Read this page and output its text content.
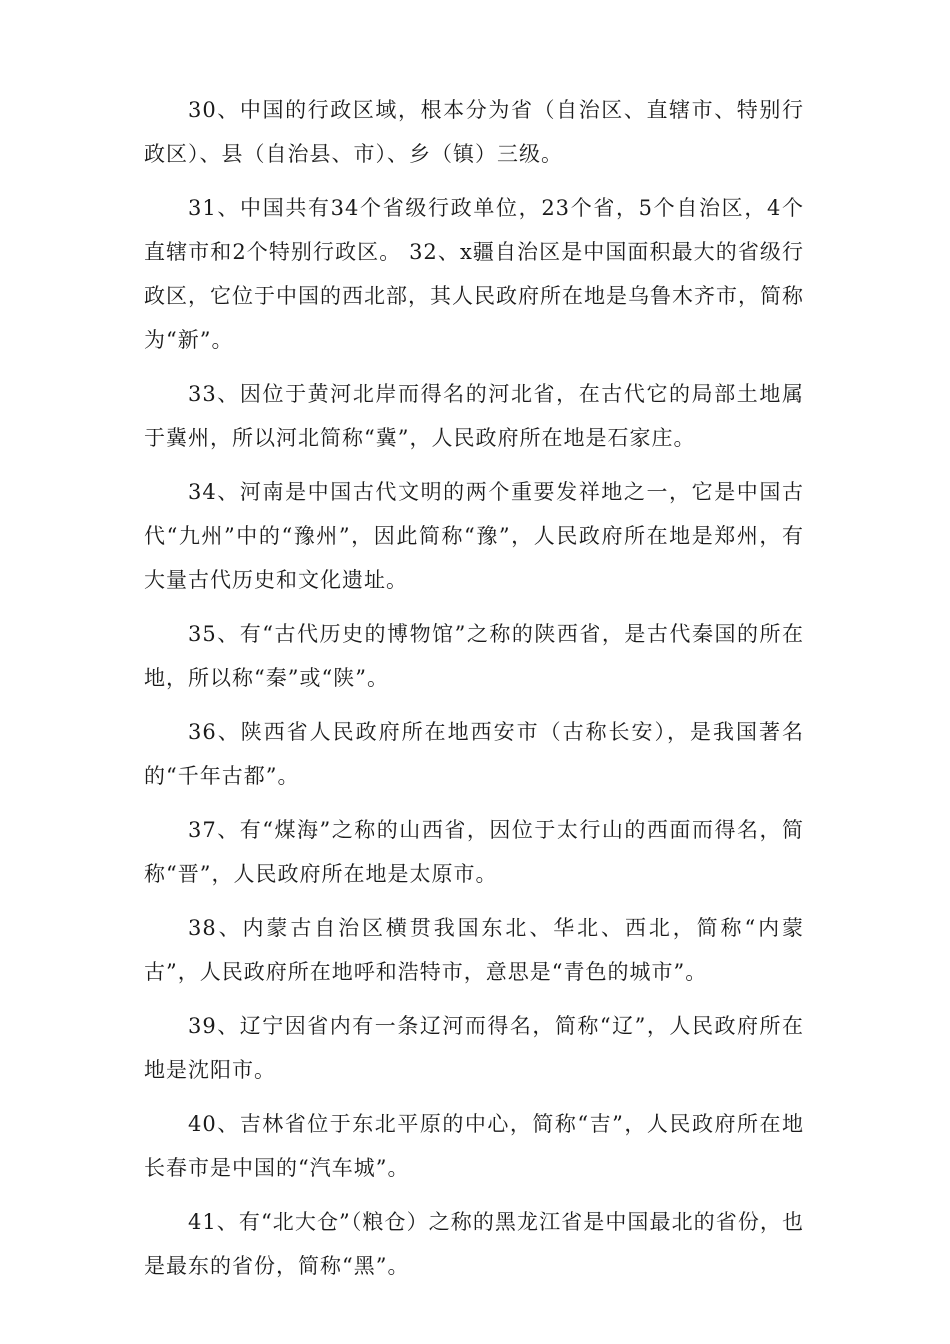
30、中国的行政区域，根本分为省（自治区、直辖市、特别行政区）、县（自治县、市）、乡（镇）三级。

31、中国共有34个省级行政单位，23个省，5个自治区，4个直辖市和2个特别行政区。 32、x疆自治区是中国面积最大的省级行政区，它位于中国的西北部，其人民政府所在地是乌鲁木齐市，简称为“新”。

33、因位于黄河北岸而得名的河北省，在古代它的局部土地属于冀州，所以河北简称“冀”，人民政府所在地是石家庄。

34、河南是中国古代文明的两个重要发祥地之一，它是中国古代“九州”中的“豫州”，因此简称“豫”，人民政府所在地是郑州，有大量古代历史和文化遗址。

35、有“古代历史的博物馆”之称的陕西省，是古代秦国的所在地，所以称“秦”或“陕”。

36、陕西省人民政府所在地西安市（古称长安），是我国著名的“千年古都”。

37、有“煤海”之称的山西省，因位于太行山的西面而得名，简称“晋”，人民政府所在地是太原市。

38、内蒙古自治区横贯我国东北、华北、西北，简称“内蒙古”，人民政府所在地呼和浩特市，意思是“青色的城市”。

39、辽宁因省内有一条辽河而得名，简称“辽”，人民政府所在地是沈阳市。

40、吉林省位于东北平原的中心，简称“吉”，人民政府所在地长春市是中国的“汽车城”。

41、有“北大仓”（粮仓）之称的黑龙江省是中国最北的省份，也是最东的省份，简称“黑”。
